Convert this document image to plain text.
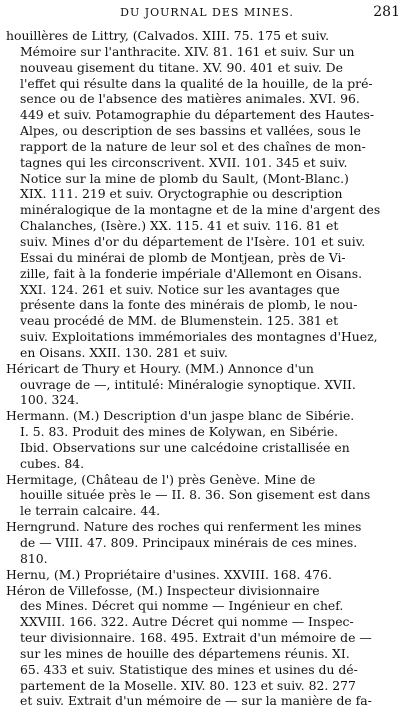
DU JOURNAL DES MINES.	281
houillères de Littry, (Calvados. XIII. 75. 175 et suiv.
Mémoire sur l'anthracite. XIV. 81. 161 et suiv. Sur un
nouveau gisement du titane. XV. 90. 401 et suiv. De
l'effet qui résulte dans la qualité de la houille, de la pré-
sence ou de l'absence des matières animales. XVI. 96.
449 et suiv. Potamographie du département des Hautes-
Alpes, ou description de ses bassins et vallées, sous le
rapport de la nature de leur sol et des chaînes de mon-
tagnes qui les circonscrivent. XVII. 101. 345 et suiv.
Notice sur la mine de plomb du Sault, (Mont-Blanc.)
XIX. 111. 219 et suiv. Oryctographie ou description
minéralogique de la montagne et de la mine d'argent des
Chalanches, (Isère.) XX. 115. 41 et suiv. 116. 81 et
suiv. Mines d'or du département de l'Isère. 101 et suiv.
Essai du minérai de plomb de Montjean, près de Vi-
zille, fait à la fonderie impériale d'Allemont en Oisans.
XXI. 124. 261 et suiv. Notice sur les avantages que
présente dans la fonte des minérais de plomb, le nou-
veau procédé de MM. de Blumenstein. 125. 381 et
suiv. Exploitations immémoriales des montagnes d'Huez,
en Oisans. XXII. 130. 281 et suiv.
Héricart de Thury et Houry. (MM.) Annonce d'un
ouvrage de —, intitulé: Minéralogie synoptique. XVII.
100. 324.
Hermann. (M.) Description d'un jaspe blanc de Sibérie.
I. 5. 83. Produit des mines de Kolywan, en Sibérie.
Ibid. Observations sur une calcédoine cristallisée en
cubes. 84.
Hermitage, (Château de l') près Genève. Mine de
houille située près le — II. 8. 36. Son gisement est dans
le terrain calcaire. 44.
Herngrund. Nature des roches qui renferment les mines
de — VIII. 47. 809. Principaux minérais de ces mines.
810.
Hernu, (M.) Propriétaire d'usines. XXVIII. 168. 476.
Héron de Villefosse, (M.) Inspecteur divisionnaire
des Mines. Décret qui nomme — Ingénieur en chef.
XXVIII. 166. 322. Autre Décret qui nomme — Inspec-
teur divisionnaire. 168. 495. Extrait d'un mémoire de —
sur les mines de houille des départemens réunis. XI.
65. 433 et suiv. Statistique des mines et usines du dé-
partement de la Moselle. XIV. 80. 123 et suiv. 82. 277
et suiv. Extrait d'un mémoire de — sur la manière de fa-
